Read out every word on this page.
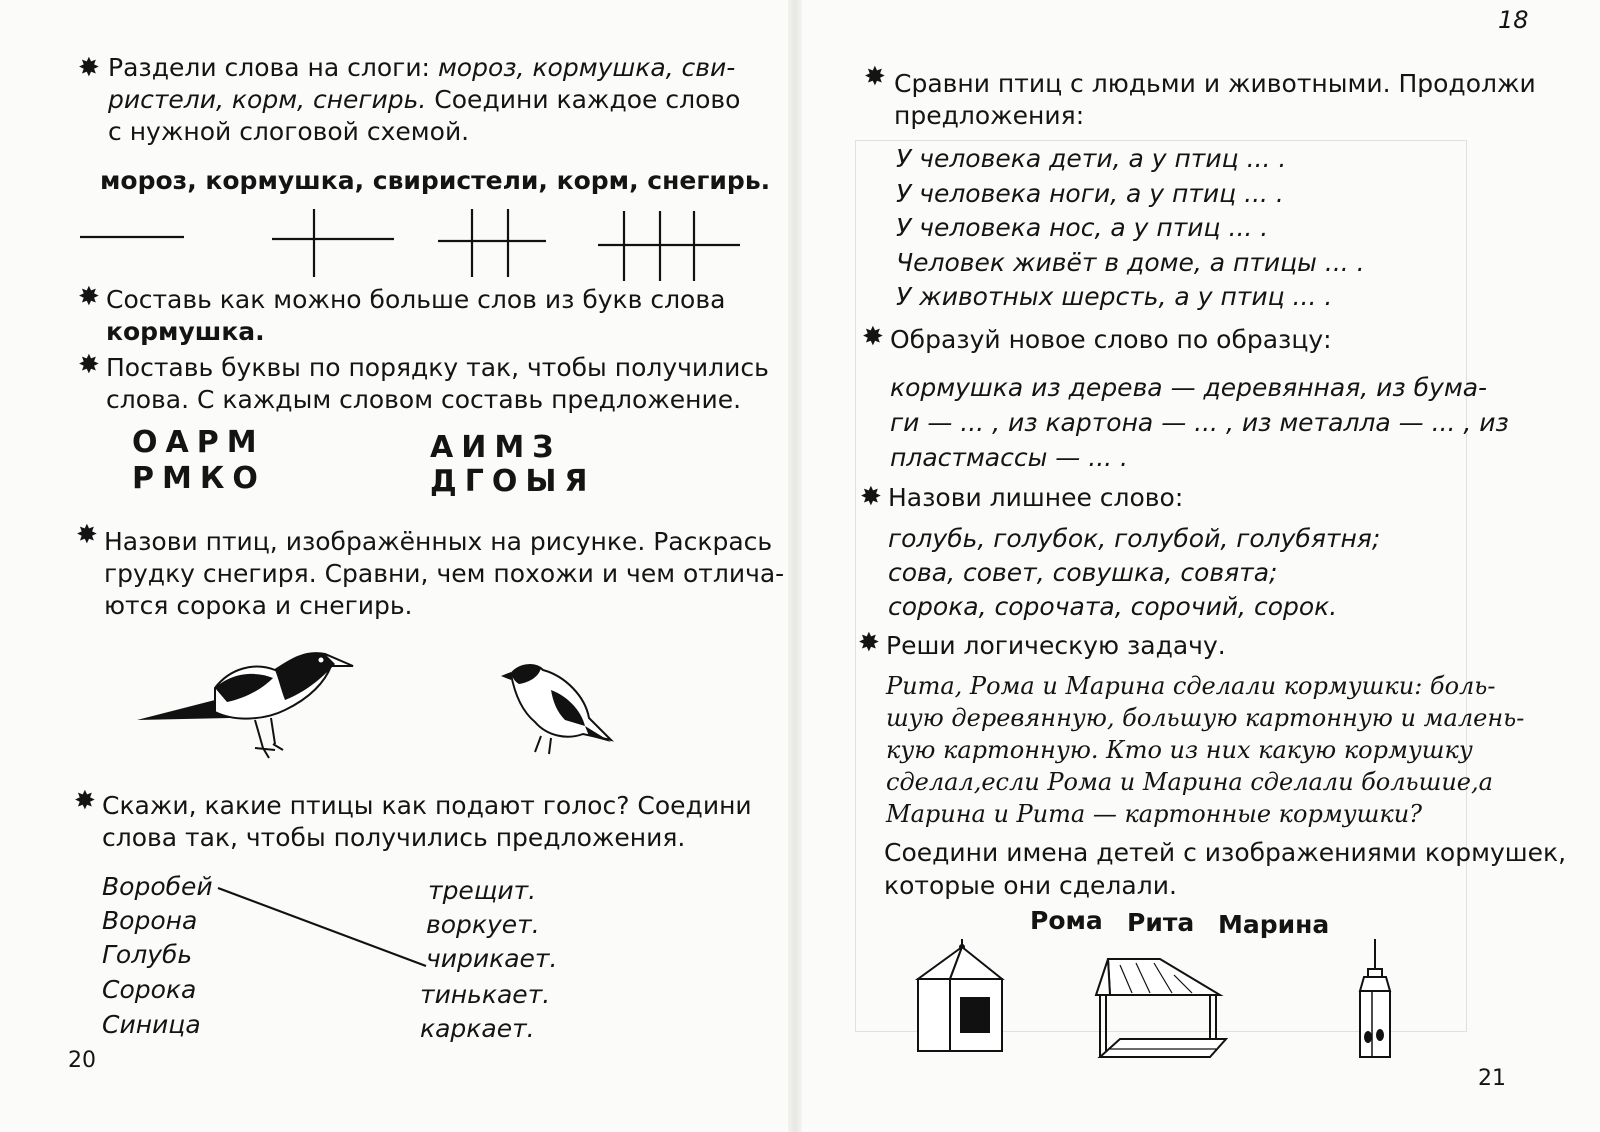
✸ Раздели слова на слоги: мороз, кормушка, сви-
ристели, корм, снегирь. Соедини каждое слово
с нужной слоговой схемой.
мороз, кормушка, свиристели, корм, снегирь.
✸ Составь как можно больше слов из букв слова
кормушка.
✸ Поставь буквы по порядку так, чтобы получились
слова. С каждым словом составь предложение.
ОАРМ
РМКО
АИМЗ
ДГОЫЯ
✸ Назови птиц, изображённых на рисунке. Раскрась
грудку снегиря. Сравни, чем похожи и чем отлича-
ются сорока и снегирь.
✸ Скажи, какие птицы как подают голос? Соедини
слова так, чтобы получились предложения.
Воробей
Ворона
Голубь
Сорока
Синица
трещит.
воркует.
чирикает.
тинькает.
каркает.
20
18
✸ Сравни птиц с людьми и животными. Продолжи
предложения:
У человека дети, а у птиц ... .
У человека ноги, а у птиц ... .
У человека нос, а у птиц ... .
Человек живёт в доме, а птицы ... .
У животных шерсть, а у птиц ... .
✸ Образуй новое слово по образцу:
кормушка из дерева — деревянная, из бума-
ги — ... , из картона — ... , из металла — ... , из
пластмассы — ... .
✸ Назови лишнее слово:
голубь, голубок, голубой, голубятня;
сова, совет, совушка, совята;
сорока, сорочата, сорочий, сорок.
✸ Реши логическую задачу.
Рита, Рома и Марина сделали кормушки: боль-
шую деревянную, большую картонную и малень-
кую картонную. Кто из них какую кормушку
сделал,если Рома и Марина сделали большие,а
Марина и Рита — картонные кормушки?
Соедини имена детей с изображениями кормушек,
которые они сделали.
Рома Рита Марина
21
